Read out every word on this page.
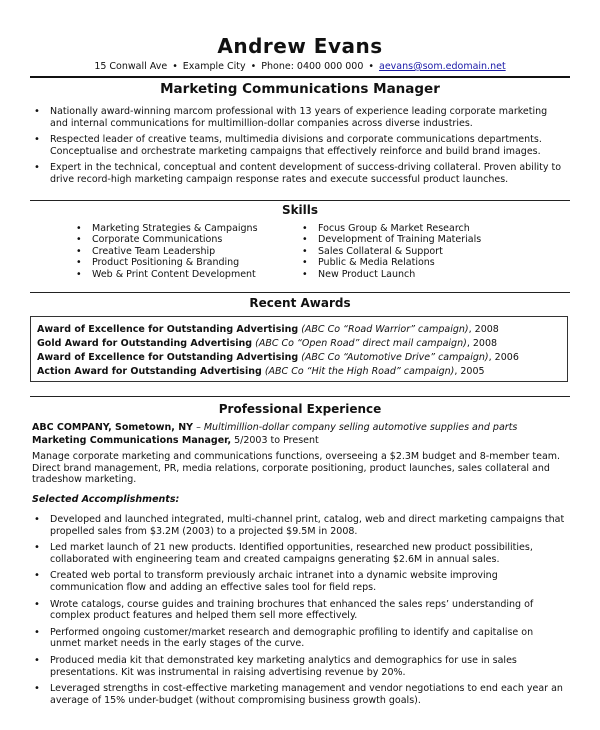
Andrew Evans
15 Conwall Ave • Example City • Phone: 0400 000 000 • aevans@som.edomain.net
Marketing Communications Manager
• Nationally award-winning marcom professional with 13 years of experience leading corporate marketing and internal communications for multimillion-dollar companies across diverse industries.
• Respected leader of creative teams, multimedia divisions and corporate communications departments. Conceptualise and orchestrate marketing campaigns that effectively reinforce and build brand images.
• Expert in the technical, conceptual and content development of success-driving collateral. Proven ability to drive record-high marketing campaign response rates and execute successful product launches.
Skills
• Marketing Strategies & Campaigns
• Corporate Communications
• Creative Team Leadership
• Product Positioning & Branding
• Web & Print Content Development
• Focus Group & Market Research
• Development of Training Materials
• Sales Collateral & Support
• Public & Media Relations
• New Product Launch
Recent Awards
Award of Excellence for Outstanding Advertising (ABC Co “Road Warrior” campaign), 2008
Gold Award for Outstanding Advertising (ABC Co “Open Road” direct mail campaign), 2008
Award of Excellence for Outstanding Advertising (ABC Co “Automotive Drive” campaign), 2006
Action Award for Outstanding Advertising (ABC Co “Hit the High Road” campaign), 2005
Professional Experience
ABC COMPANY, Sometown, NY – Multimillion-dollar company selling automotive supplies and parts
Marketing Communications Manager, 5/2003 to Present
Manage corporate marketing and communications functions, overseeing a $2.3M budget and 8-member team. Direct brand management, PR, media relations, corporate positioning, product launches, sales collateral and tradeshow marketing.
Selected Accomplishments:
• Developed and launched integrated, multi-channel print, catalog, web and direct marketing campaigns that propelled sales from $3.2M (2003) to a projected $9.5M in 2008.
• Led market launch of 21 new products. Identified opportunities, researched new product possibilities, collaborated with engineering team and created campaigns generating $2.6M in annual sales.
• Created web portal to transform previously archaic intranet into a dynamic website improving communication flow and adding an effective sales tool for field reps.
• Wrote catalogs, course guides and training brochures that enhanced the sales reps’ understanding of complex product features and helped them sell more effectively.
• Performed ongoing customer/market research and demographic profiling to identify and capitalise on unmet market needs in the early stages of the curve.
• Produced media kit that demonstrated key marketing analytics and demographics for use in sales presentations. Kit was instrumental in raising advertising revenue by 20%.
• Leveraged strengths in cost-effective marketing management and vendor negotiations to end each year an average of 15% under-budget (without compromising business growth goals).
